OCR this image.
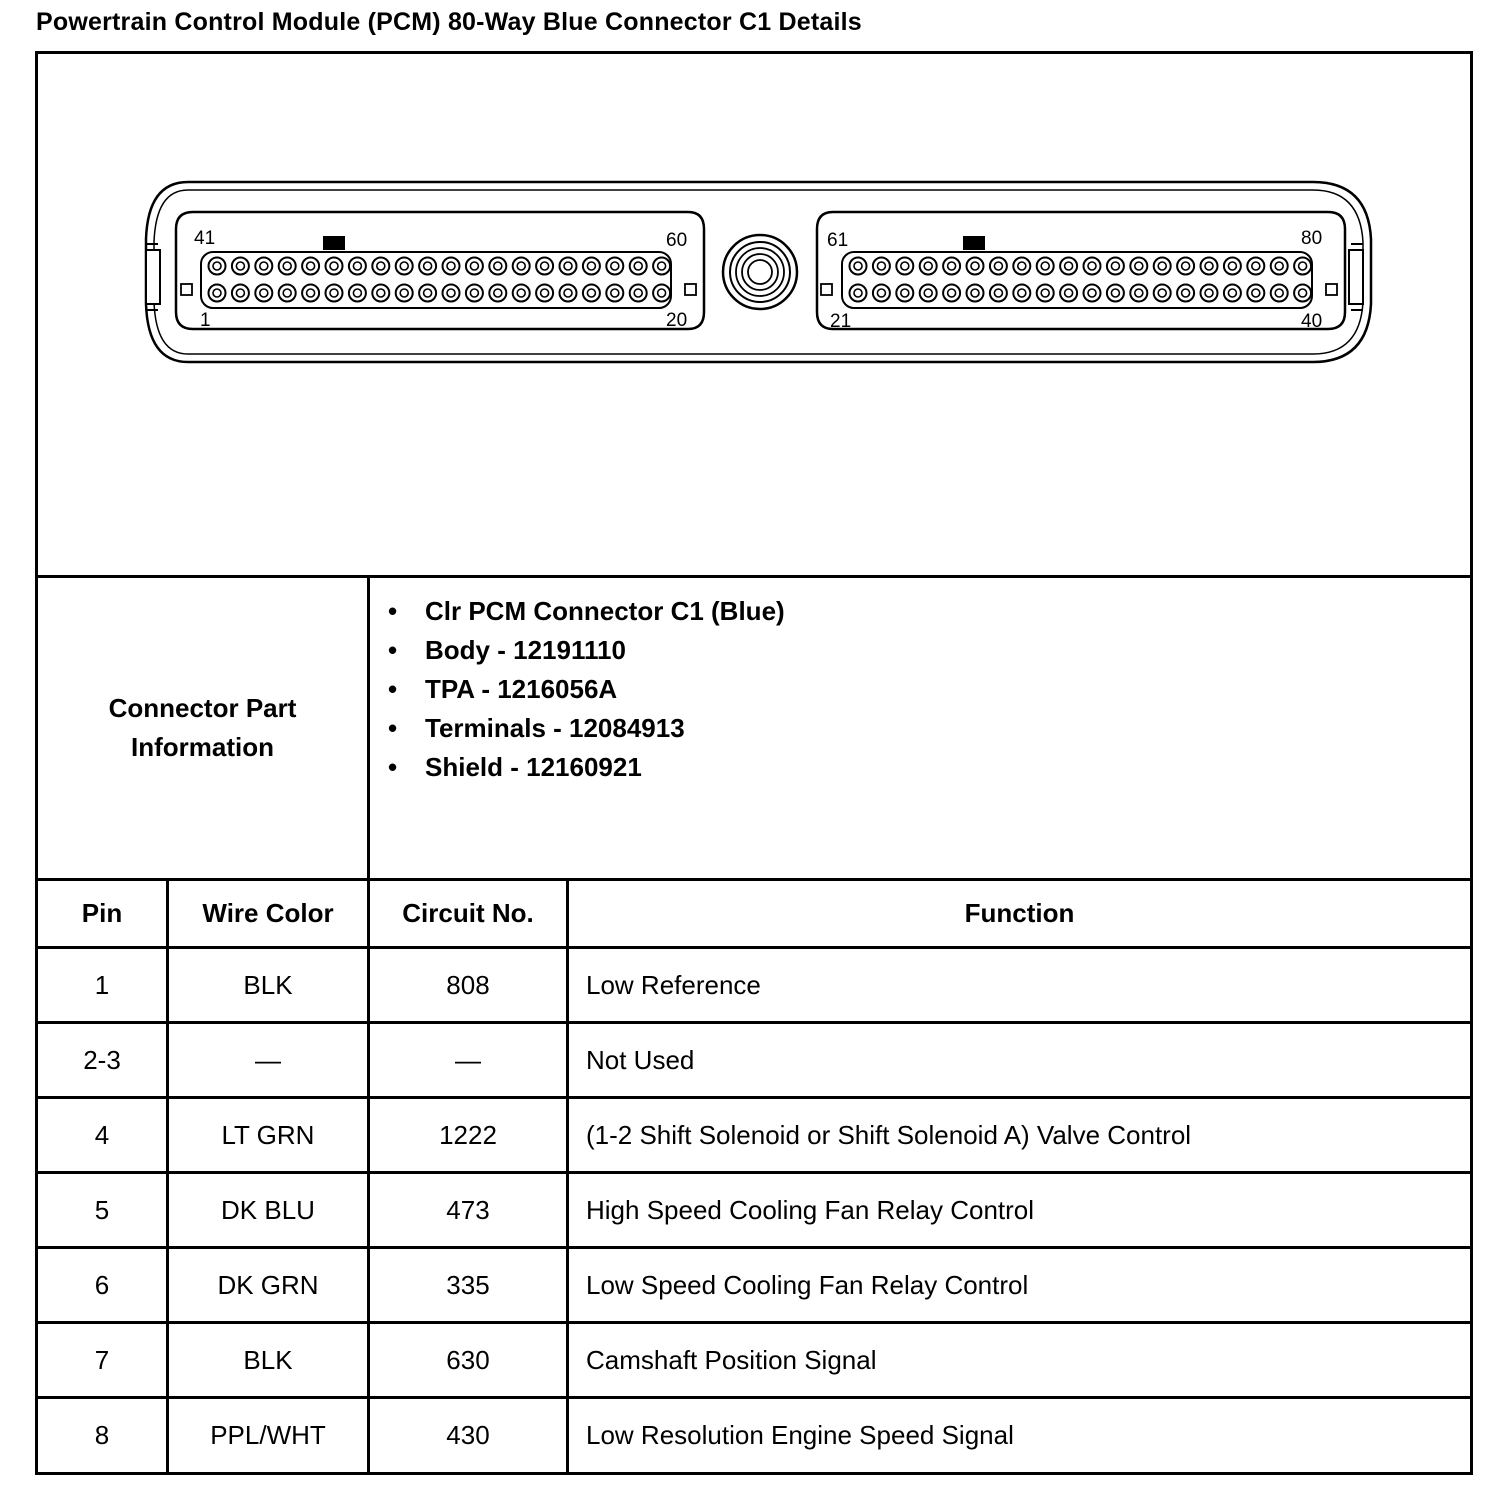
Powertrain Control Module (PCM) 80-Way Blue Connector C1 Details
41	60
1	20
61	80
21	40
Connector Part
Information
• Clr PCM Connector C1 (Blue)
• Body - 12191110
• TPA - 1216056A
• Terminals - 12084913
• Shield - 12160921
Pin	Wire Color	Circuit No.	Function
1	BLK	808	Low Reference
2-3	—	—	Not Used
4	LT GRN	1222	(1-2 Shift Solenoid or Shift Solenoid A) Valve Control
5	DK BLU	473	High Speed Cooling Fan Relay Control
6	DK GRN	335	Low Speed Cooling Fan Relay Control
7	BLK	630	Camshaft Position Signal
8	PPL/WHT	430	Low Resolution Engine Speed Signal
